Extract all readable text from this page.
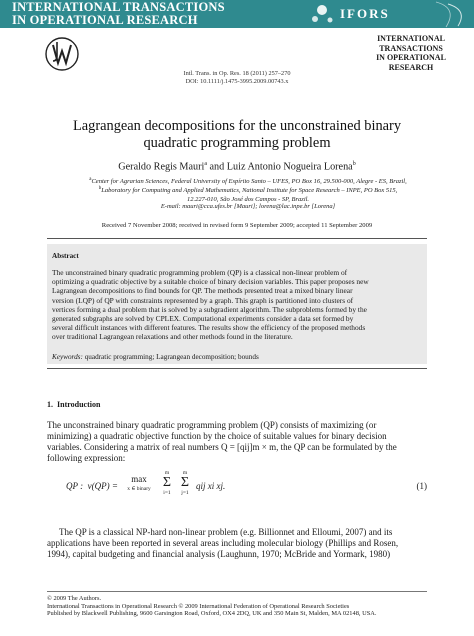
INTERNATIONAL TRANSACTIONS
IN OPERATIONAL RESEARCH	IFORS
INTERNATIONAL
TRANSACTIONS
IN OPERATIONAL
RESEARCH
Intl. Trans. in Op. Res. 18 (2011) 257–270
DOI: 10.1111/j.1475-3995.2009.00743.x
Lagrangean decompositions for the unconstrained binary
quadratic programming problem
Geraldo Regis Mauri$^a$ and Luiz Antonio Nogueira Lorena$^b$
$^a$Center for Agrarian Sciences, Federal University of Espírito Santo – UFES, PO Box 16, 29.500-000, Alegre - ES, Brazil,
$^b$Laboratory for Computing and Applied Mathematics, National Institute for Space Research – INPE, PO Box 515,
12.227-010, São José dos Campos - SP, Brazil.
E-mail: mauri@cca.ufes.br [Mauri]; lorena@lac.inpe.br [Lorena]
Received 7 November 2008; received in revised form 9 September 2009; accepted 11 September 2009
Abstract
The unconstrained binary quadratic programming problem (QP) is a classical non-linear problem of
optimizing a quadratic objective by a suitable choice of binary decision variables. This paper proposes new
Lagrangean decompositions to find bounds for QP. The methods presented treat a mixed binary linear
version (LQP) of QP with constraints represented by a graph. This graph is partitioned into clusters of
vertices forming a dual problem that is solved by a subgradient algorithm. The subproblems formed by the
generated subgraphs are solved by CPLEX. Computational experiments consider a data set formed by
several difficult instances with different features. The results show the efficiency of the proposed methods
over traditional Lagrangean relaxations and other methods found in the literature.
Keywords: quadratic programming; Lagrangean decomposition; bounds
1.  Introduction
The unconstrained binary quadratic programming problem (QP) consists of maximizing (or
minimizing) a quadratic objective function by the choice of suitable values for binary decision
variables. Considering a matrix of real numbers Q = [qij]m × m, the QP can be formulated by the
following expression:
QP :  v(QP) =
max
x ∈ binary
m
Σ
i=1
m
Σ
j=1
qij xi xj.	(1)
The QP is a classical NP-hard non-linear problem (e.g. Billionnet and Elloumi, 2007) and its
applications have been reported in several areas including molecular biology (Phillips and Rosen,
1994), capital budgeting and financial analysis (Laughunn, 1970; McBride and Yormark, 1980)
© 2009 The Authors.
International Transactions in Operational Research © 2009 International Federation of Operational Research Societies
Published by Blackwell Publishing, 9600 Garsington Road, Oxford, OX4 2DQ, UK and 350 Main St, Malden, MA 02148, USA.
